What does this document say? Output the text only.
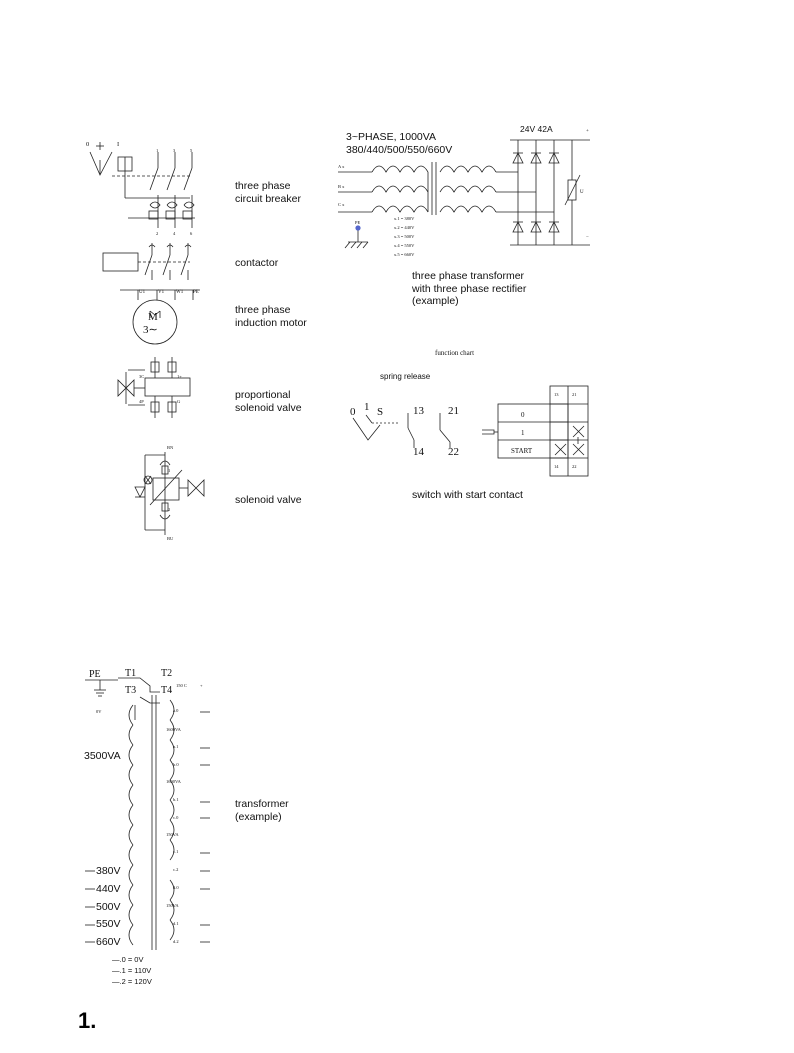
0	I
1	3	5
2	4	6
U1	V1 W1 PE
M
3∼
3C	1+
4P	G
BN
BU
1
2
A x
B x
C x
PE
x.1 = 380V
x.2 = 440V
x.3 = 500V
x.4 = 550V
x.5 = 660V
+
−
U
function chart
0 1 S	13 21
14 22
0
1
START
13	21
14	22
PE T1 T2
T3 T4 150 C	+
0V	a.0
1600VA
a.1
b.0
1600VA
b.1
c.0
150VA
c.1
c.2
d.0
150VA
d.1
d.2
three phase
circuit breaker
contactor
three phase
induction motor
proportional
solenoid valve
solenoid valve
three phase transformer
with three phase rectifier
(example)
switch with start contact
transformer
(example)
3~PHASE, 1000VA
380/440/500/550/660V
24V 42A
spring release
3500VA
380V
440V
500V
550V
660V
—.0 = 0V
—.1 = 110V
—.2 = 120V
1.
